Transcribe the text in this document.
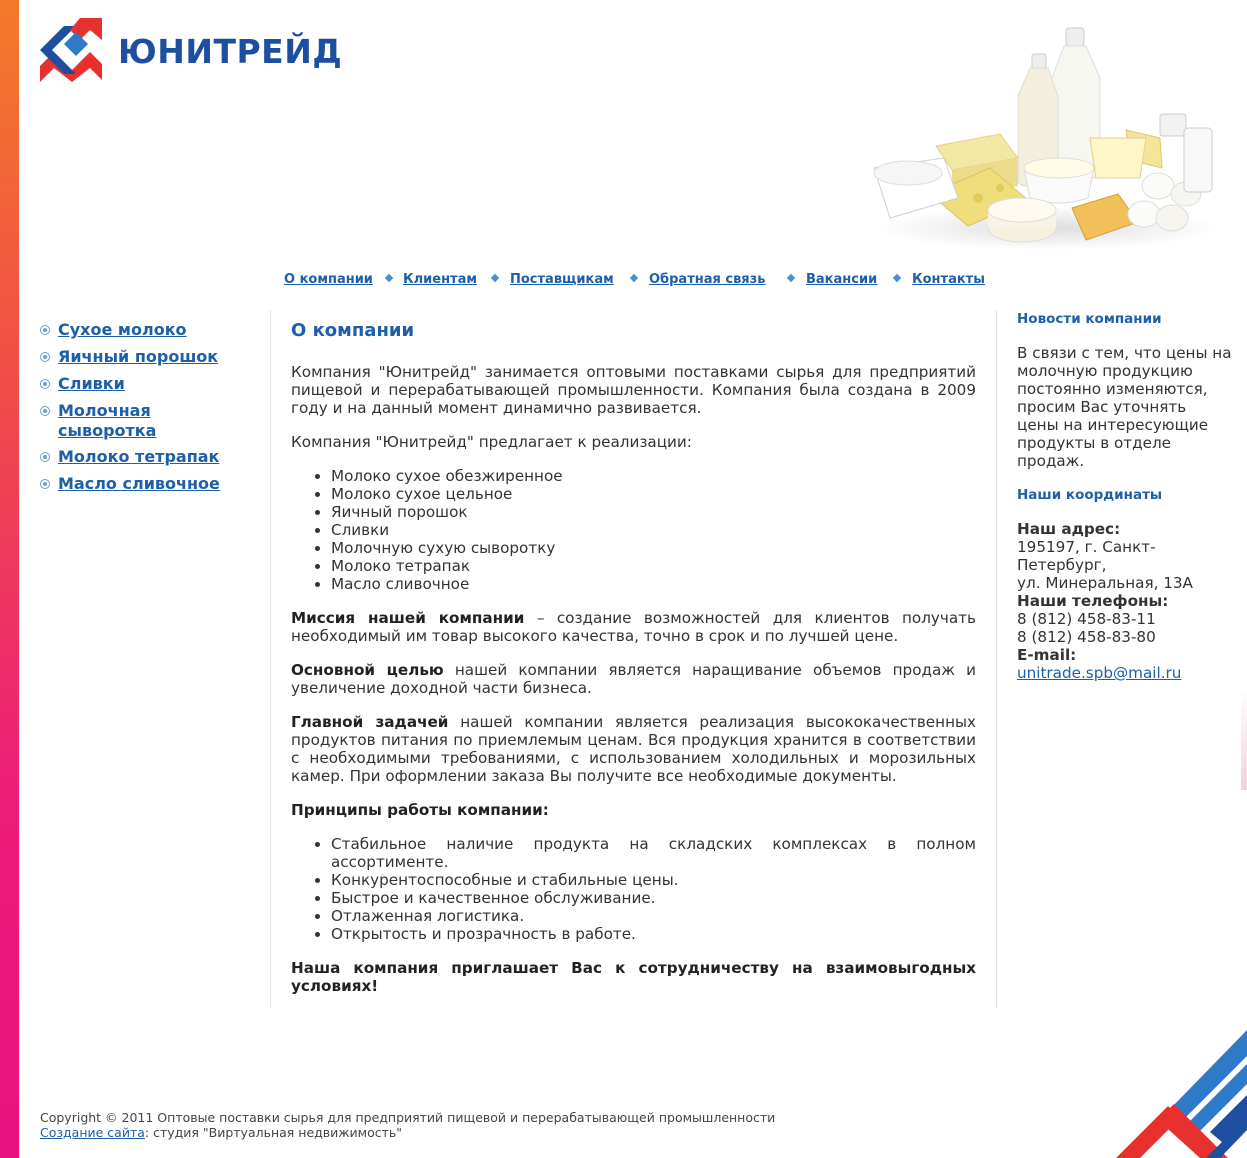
ЮНИТРЕЙД
О компании Клиентам	Поставщикам	Обратная связь	Вакансии	Контакты
Сухое молоко
Яичный порошок
Сливки
Молочная сыворотка
Молоко тетрапак
Масло сливочное
О компании

Компания "Юнитрейд" занимается оптовыми поставками сырья для предприятий пищевой и перерабатывающей промышленности. Компания была создана в 2009 году и на данный момент динамично развивается.

Компания "Юнитрейд" предлагает к реализации:

• Молоко сухое обезжиренное
• Молоко сухое цельное
• Яичный порошок
• Сливки
• Молочную сухую сыворотку
• Молоко тетрапак
• Масло сливочное

Миссия нашей компании – создание возможностей для клиентов получать необходимый им товар высокого качества, точно в срок и по лучшей цене.

Основной целью нашей компании является наращивание объемов продаж и увеличение доходной части бизнеса.

Главной задачей нашей компании является реализация высококачественных продуктов питания по приемлемым ценам. Вся продукция хранится в соответствии с необходимыми требованиями, с использованием холодильных и морозильных камер. При оформлении заказа Вы получите все необходимые документы.

Принципы работы компании:

• Стабильное наличие продукта на складских комплексах в полном ассортименте.
• Конкурентоспособные и стабильные цены.
• Быстрое и качественное обслуживание.
• Отлаженная логистика.
• Открытость и прозрачность в работе.

Наша компания приглашает Вас к сотрудничеству на взаимовыгодных условиях!

Новости компании
В связи с тем, что цены на молочную продукцию постоянно изменяются, просим Вас уточнять цены на интересующие продукты в отделе продаж.
Наши координаты
Наш адрес:
195197, г. Санкт-Петербург,
ул. Минеральная, 13А
Наши телефоны:
8 (812) 458-83-11
8 (812) 458-83-80
E-mail:
unitrade.spb@mail.ru
Copyright © 2011 Оптовые поставки сырья для предприятий пищевой и перерабатывающей промышленности
Создание сайта: студия "Виртуальная недвижимость"
